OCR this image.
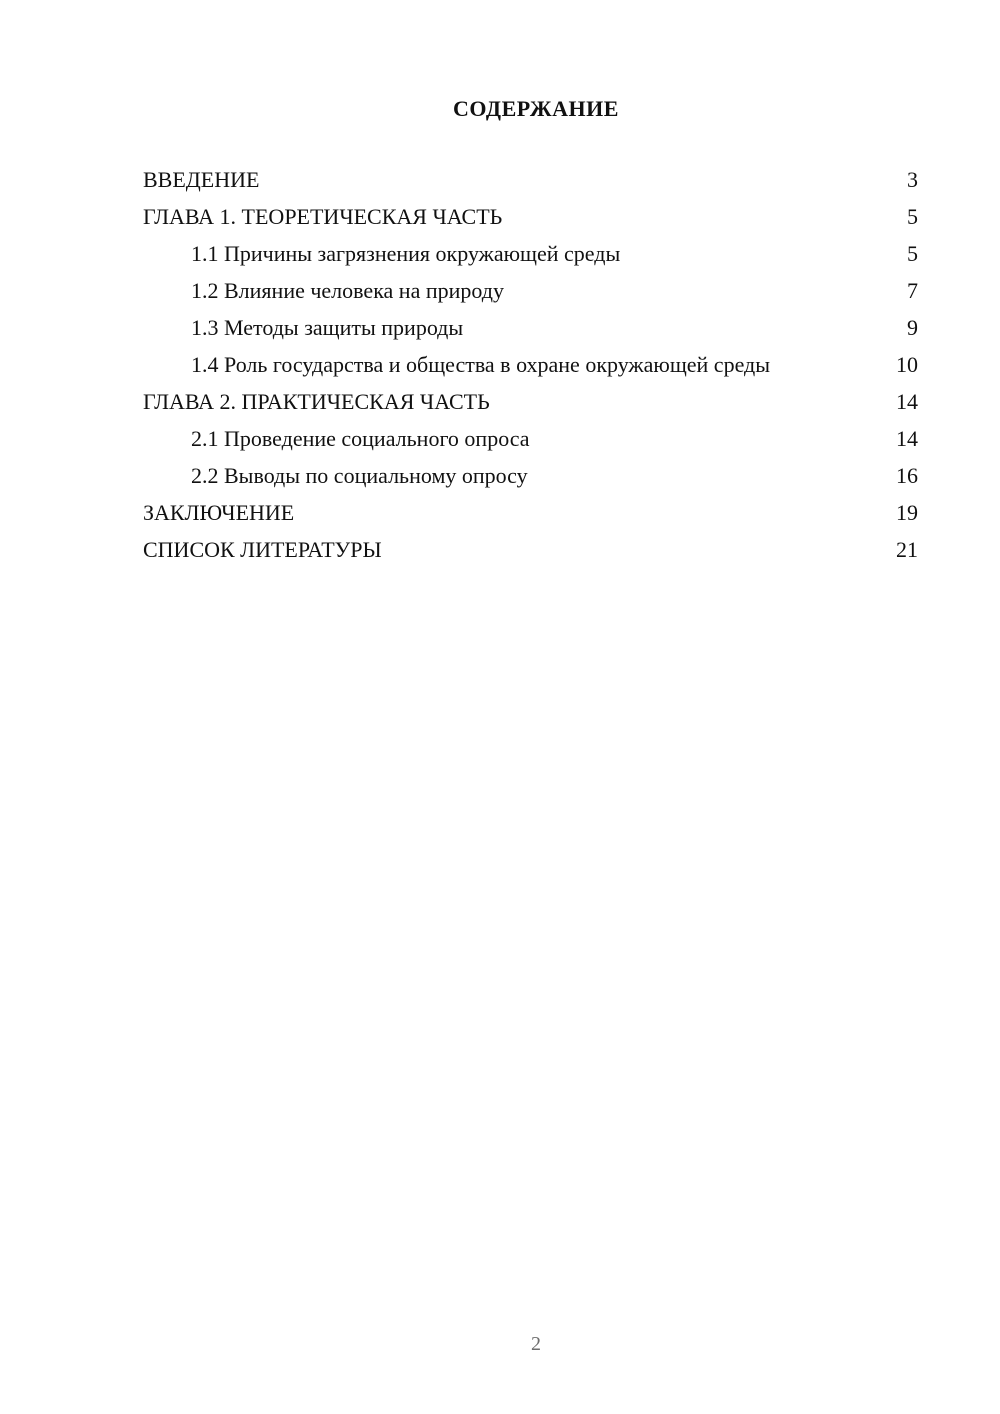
СОДЕРЖАНИЕ
ВВЕДЕНИЕ	3
ГЛАВА 1. ТЕОРЕТИЧЕСКАЯ ЧАСТЬ	5
1.1 Причины загрязнения окружающей среды	5
1.2 Влияние человека на природу	7
1.3 Методы защиты природы	9
1.4 Роль государства и общества в охране окружающей среды	10
ГЛАВА 2. ПРАКТИЧЕСКАЯ ЧАСТЬ	14
2.1 Проведение социального опроса	14
2.2 Выводы по социальному опросу	16
ЗАКЛЮЧЕНИЕ	19
СПИСОК ЛИТЕРАТУРЫ	21
2
